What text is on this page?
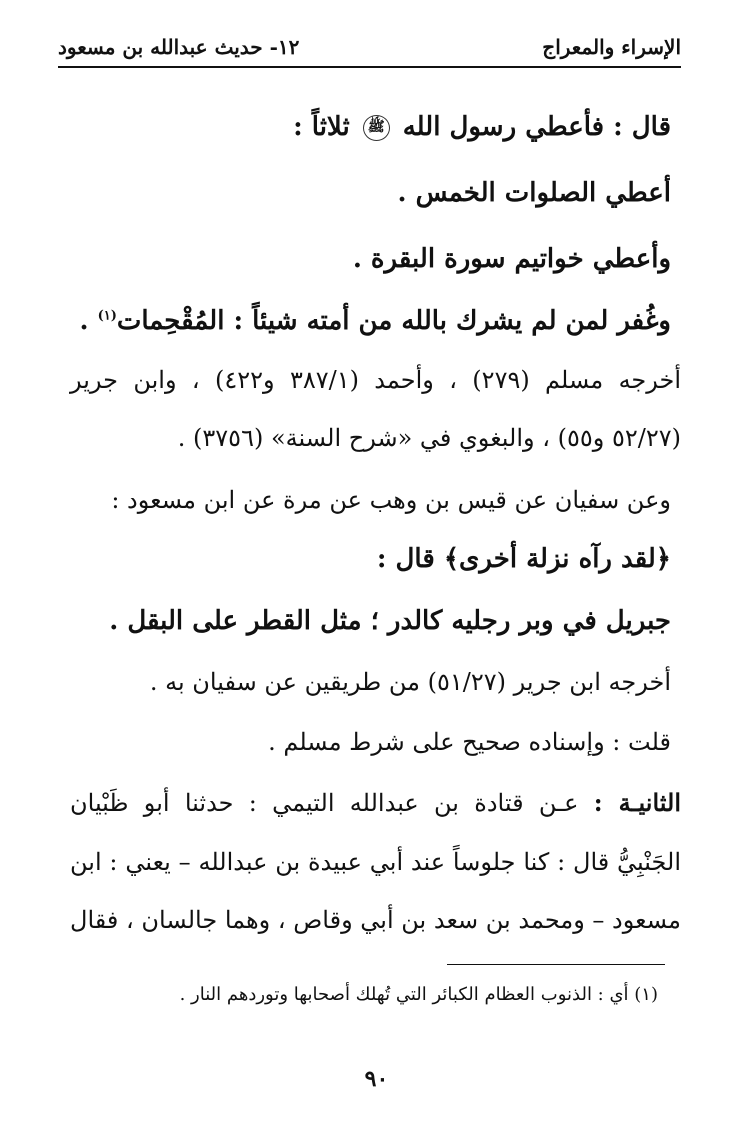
الإسراء والمعراج
١٢- حديث عبدالله بن مسعود
قال : فأعطي رسول الله ﷺ ثلاثاً :
أعطي الصلوات الخمس .
وأعطي خواتيم سورة البقرة .
وغُفر لمن لم يشرك بالله من أمته شيئاً : المُقْحِمات$^{(١)}$ .
أخرجه مسلم (٢٧٩) ، وأحمد (٣٨٧/١ و٤٢٢) ، وابن جرير
(٥٢/٢٧ و٥٥) ، والبغوي في «شرح السنة» (٣٧٥٦) .
وعن سفيان عن قيس بن وهب عن مرة عن ابن مسعود :
﴿لقد رآه نزلة أخرى﴾ قال :
جبريل في وبر رجليه كالدر ؛ مثل القطر على البقل .
أخرجه ابن جرير (٥١/٢٧) من طريقين عن سفيان به .
قلت : وإسناده صحيح على شرط مسلم .
الثانيـة : عـن قتادة بن عبدالله التيمي : حدثنا أبو ظَبْيان
الجَنْبِيُّ قال : كنا جلوساً عند أبي عبيدة بن عبدالله – يعني : ابن
مسعود – ومحمد بن سعد بن أبي وقاص ، وهما جالسان ، فقال
(١) أي : الذنوب العظام الكبائر التي تُهلك أصحابها وتوردهم النار .
٩٠
